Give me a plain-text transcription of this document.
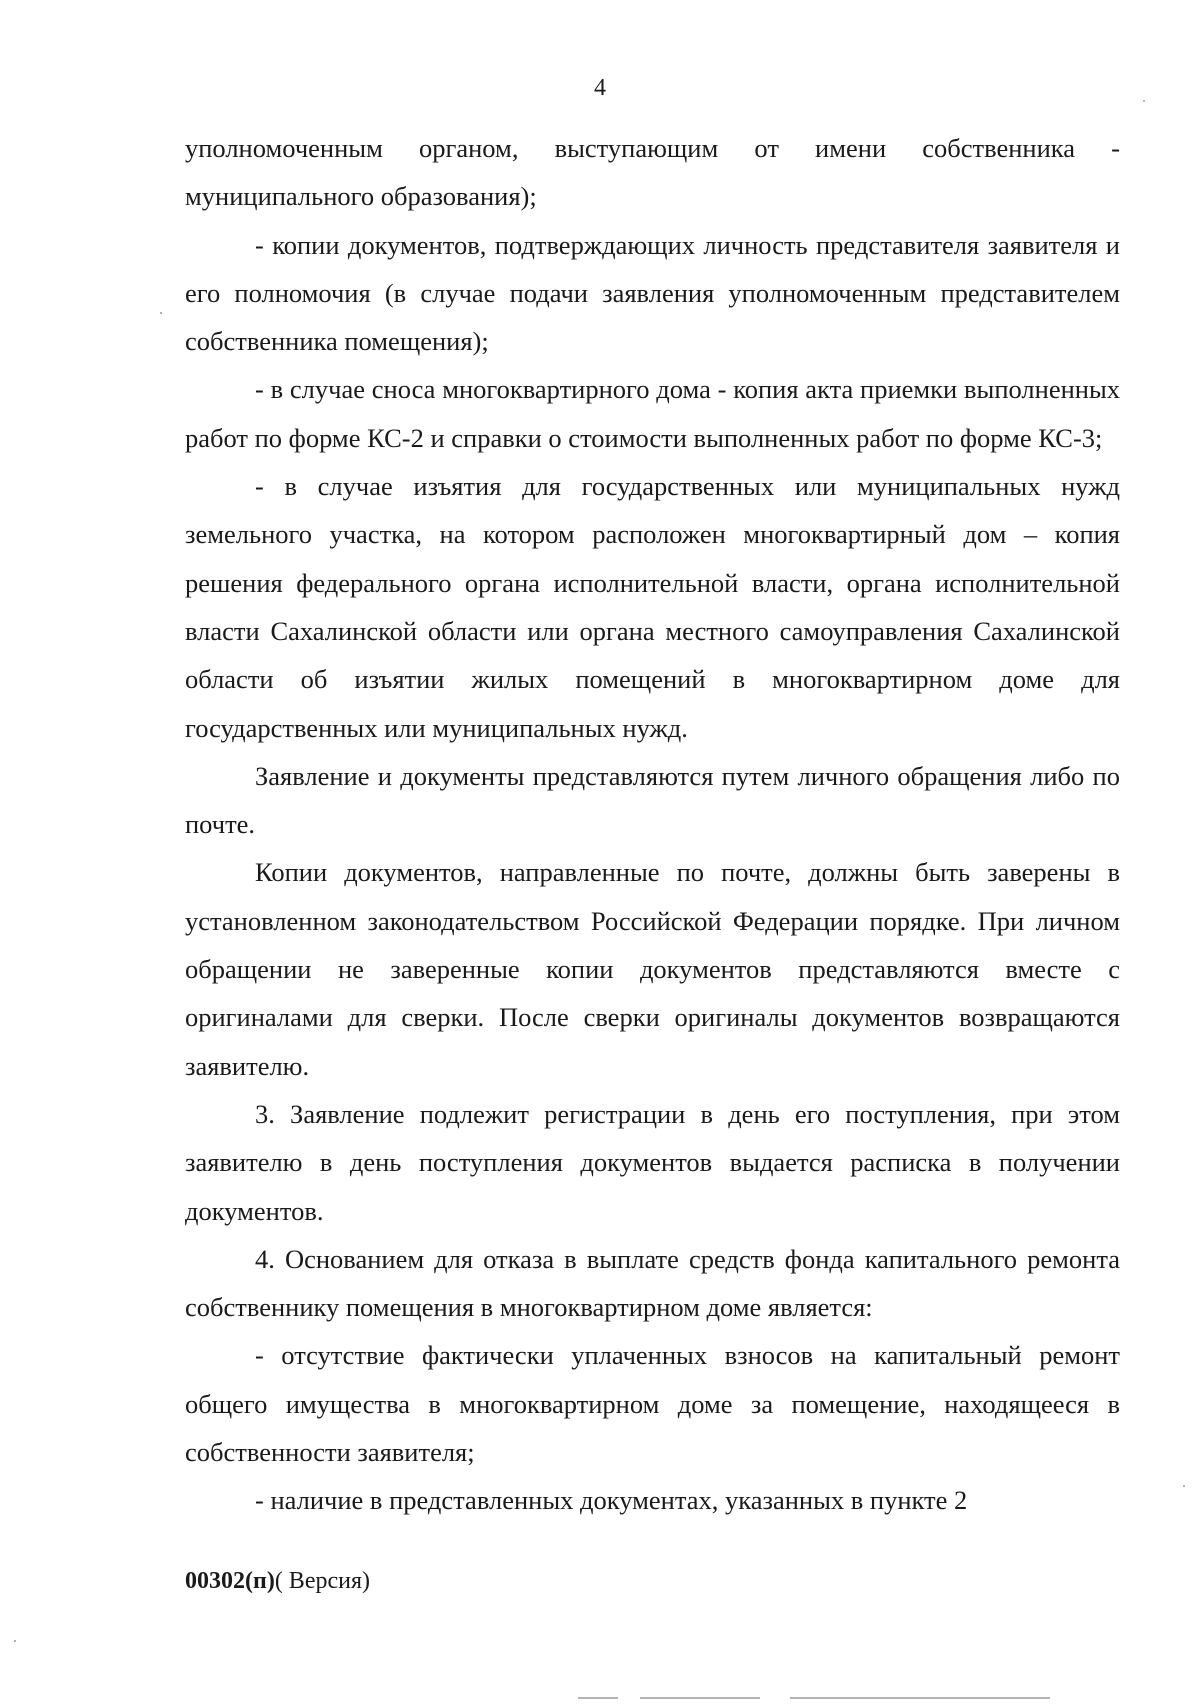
4

уполномоченным органом, выступающим от имени собственника - муниципального образования);

- копии документов, подтверждающих личность представителя заявителя и его полномочия (в случае подачи заявления уполномоченным представителем собственника помещения);

- в случае сноса многоквартирного дома - копия акта приемки выполненных работ по форме КС-2 и справки о стоимости выполненных работ по форме КС-3;

- в случае изъятия для государственных или муниципальных нужд земельного участка, на котором расположен многоквартирный дом – копия решения федерального органа исполнительной власти, органа исполнительной власти Сахалинской области или органа местного самоуправления Сахалинской области об изъятии жилых помещений в многоквартирном доме для государственных или муниципальных нужд.

Заявление и документы представляются путем личного обращения либо по почте.

Копии документов, направленные по почте, должны быть заверены в установленном законодательством Российской Федерации порядке. При личном обращении не заверенные копии документов представляются вместе с оригиналами для сверки. После сверки оригиналы документов возвращаются заявителю.

3. Заявление подлежит регистрации в день его поступления, при этом заявителю в день поступления документов выдается расписка в получении документов.

4. Основанием для отказа в выплате средств фонда капитального ремонта собственнику помещения в многоквартирном доме является:

- отсутствие фактически уплаченных взносов на капитальный ремонт общего имущества в многоквартирном доме за помещение, находящееся в собственности заявителя;

- наличие в представленных документах, указанных в пункте 2

00302(п)( Версия)
